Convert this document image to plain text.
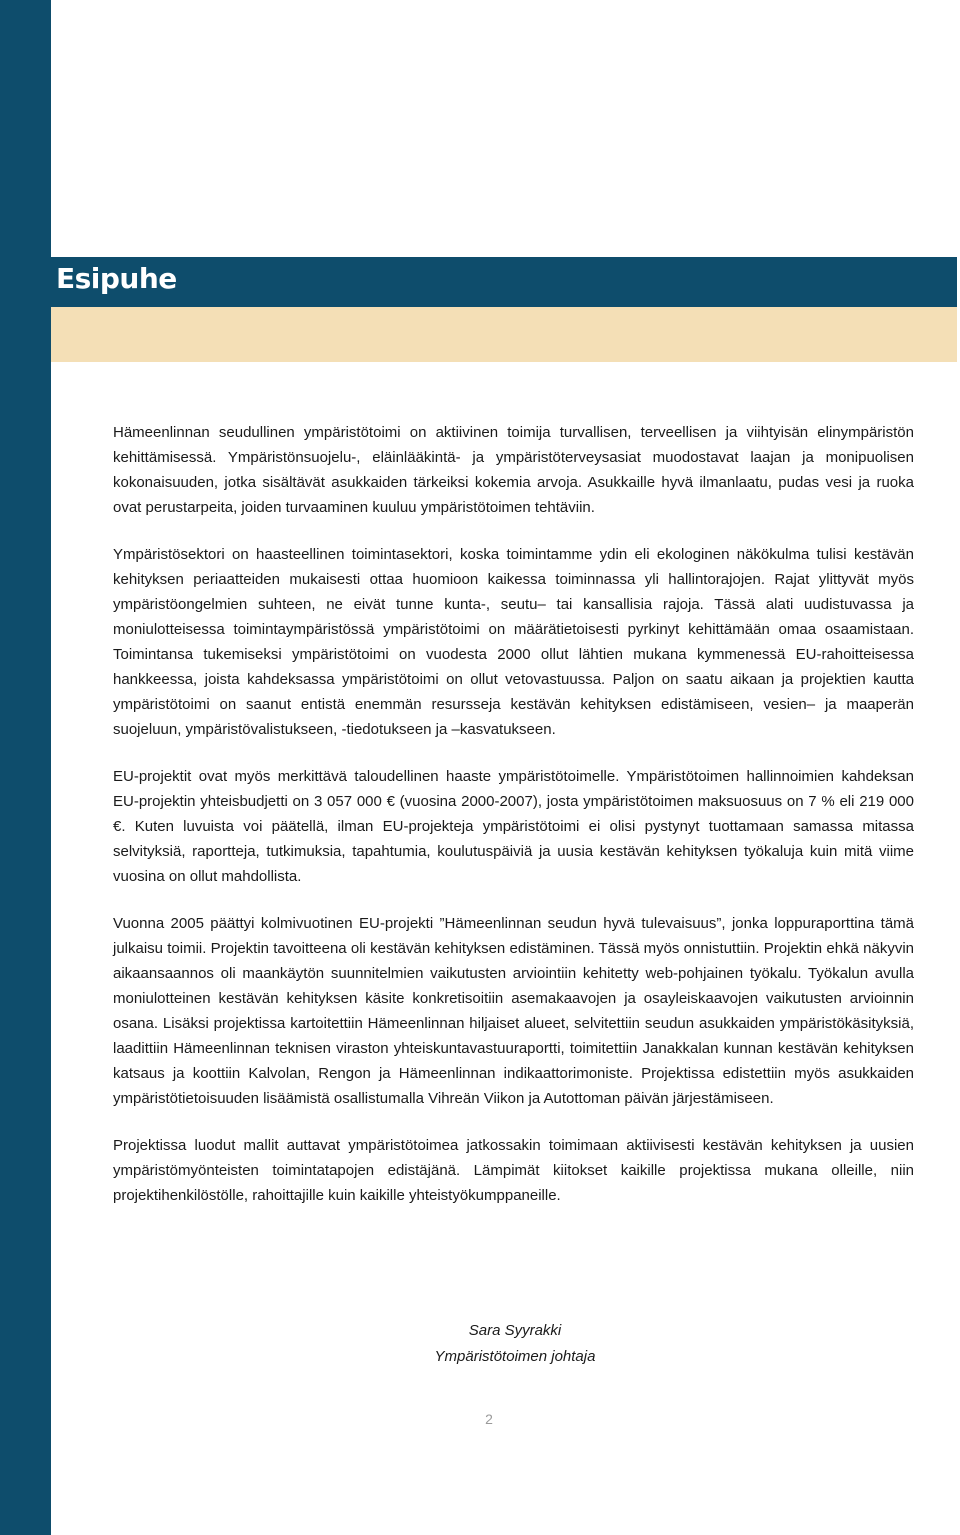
Esipuhe

Hämeenlinnan seudullinen ympäristötoimi on aktiivinen toimija turvallisen, terveellisen ja viihtyisän elinympäristön kehittämisessä. Ympäristönsuojelu-, eläinlääkintä- ja ympäristöterveysasiat muodostavat laajan ja monipuolisen kokonaisuuden, jotka sisältävät asukkaiden tärkeiksi kokemia arvoja. Asukkaille hyvä ilmanlaatu, pudas vesi ja ruoka ovat perustarpeita, joiden turvaaminen kuuluu ympäristötoimen tehtäviin.

Ympäristösektori on haasteellinen toimintasektori, koska toimintamme ydin eli ekologinen näkökulma tulisi kestävän kehityksen periaatteiden mukaisesti ottaa huomioon kaikessa toiminnassa yli hallintorajojen. Rajat ylittyvät myös ympäristöongelmien suhteen, ne eivät tunne kunta-, seutu– tai kansallisia rajoja. Tässä alati uudistuvassa ja moniulotteisessa toimintaympäristössä ympäristötoimi on määrätietoisesti pyrkinyt kehittämään omaa osaamistaan. Toimintansa tukemiseksi ympäristötoimi on vuodesta 2000 ollut lähtien mukana kymmenessä EU-rahoitteisessa hankkeessa, joista kahdeksassa ympäristötoimi on ollut vetovastuussa. Paljon on saatu aikaan ja projektien kautta ympäristötoimi on saanut entistä enemmän resursseja kestävän kehityksen edistämiseen, vesien– ja maaperän suojeluun, ympäristövalistukseen, -tiedotukseen ja –kasvatukseen.

EU-projektit ovat myös merkittävä taloudellinen haaste ympäristötoimelle. Ympäristötoimen hallinnoimien kahdeksan EU-projektin yhteisbudjetti on 3 057 000 € (vuosina 2000-2007), josta ympäristötoimen maksuosuus on 7 % eli 219 000 €. Kuten luvuista voi päätellä, ilman EU-projekteja ympäristötoimi ei olisi pystynyt tuottamaan samassa mitassa selvityksiä, raportteja, tutkimuksia, tapahtumia, koulutuspäiviä ja uusia kestävän kehityksen työkaluja kuin mitä viime vuosina on ollut mahdollista.

Vuonna 2005 päättyi kolmivuotinen EU-projekti ”Hämeenlinnan seudun hyvä tulevaisuus”, jonka loppuraporttina tämä julkaisu toimii. Projektin tavoitteena oli kestävän kehityksen edistäminen. Tässä myös onnistuttiin. Projektin ehkä näkyvin aikaansaannos oli maankäytön suunnitelmien vaikutusten arviointiin kehitetty web-pohjainen työkalu. Työkalun avulla moniulotteinen kestävän kehityksen käsite konkretisoitiin asemakaavojen ja osayleiskaavojen vaikutusten arvioinnin osana. Lisäksi projektissa kartoitettiin Hämeenlinnan hiljaiset alueet, selvitettiin seudun asukkaiden ympäristökäsityksiä, laadittiin Hämeenlinnan teknisen viraston yhteiskuntavastuuraportti, toimitettiin Janakkalan kunnan kestävän kehityksen katsaus ja koottiin Kalvolan, Rengon ja Hämeenlinnan indikaattorimoniste. Projektissa edistettiin myös asukkaiden ympäristötietoisuuden lisäämistä osallistumalla Vihreän Viikon ja Autottoman päivän järjestämiseen.

Projektissa luodut mallit auttavat ympäristötoimea jatkossakin toimimaan aktiivisesti kestävän kehityksen ja uusien ympäristömyönteisten toimintatapojen edistäjänä. Lämpimät kiitokset kaikille projektissa mukana olleille, niin projektihenkilöstölle, rahoittajille kuin kaikille yhteistyökumppaneille.

Sara Syyrakki
Ympäristötoimen johtaja
2
